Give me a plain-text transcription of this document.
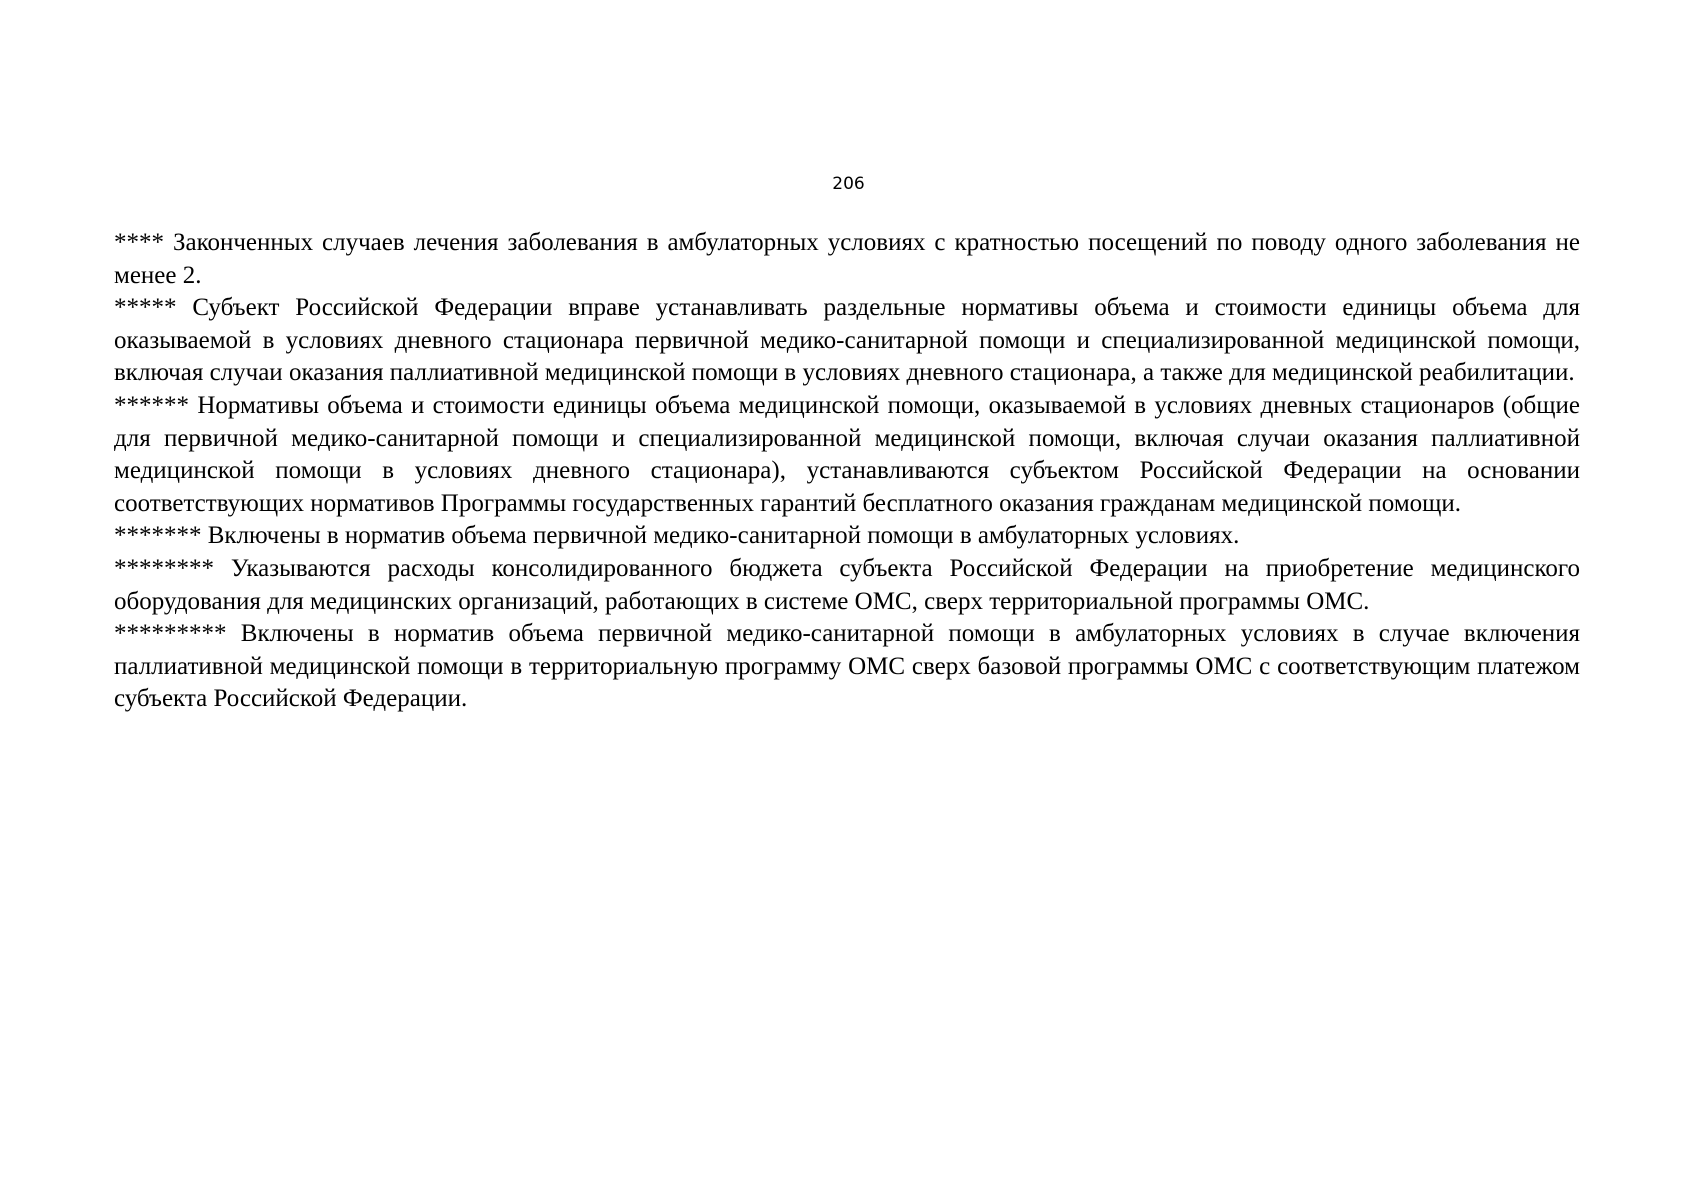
206

**** Законченных случаев лечения заболевания в амбулаторных условиях с кратностью посещений по поводу одного заболевания не менее 2.

***** Субъект Российской Федерации вправе устанавливать раздельные нормативы объема и стоимости единицы объема для оказываемой в условиях дневного стационара первичной медико-санитарной помощи и специализированной медицинской помощи, включая случаи оказания паллиативной медицинской помощи в условиях дневного стационара, а также для медицинской реабилитации.

****** Нормативы объема и стоимости единицы объема медицинской помощи, оказываемой в условиях дневных стационаров (общие для первичной медико-санитарной помощи и специализированной медицинской помощи, включая случаи оказания паллиативной медицинской помощи в условиях дневного стационара), устанавливаются субъектом Российской Федерации на основании соответствующих нормативов Программы государственных гарантий бесплатного оказания гражданам медицинской помощи.

******* Включены в норматив объема первичной медико-санитарной помощи в амбулаторных условиях.

******** Указываются расходы консолидированного бюджета субъекта Российской Федерации на приобретение медицинского оборудования для медицинских организаций, работающих в системе ОМС, сверх территориальной программы ОМС.

********* Включены в норматив объема первичной медико-санитарной помощи в амбулаторных условиях в случае включения паллиативной медицинской помощи в территориальную программу ОМС сверх базовой программы ОМС с соответствующим платежом субъекта Российской Федерации.
